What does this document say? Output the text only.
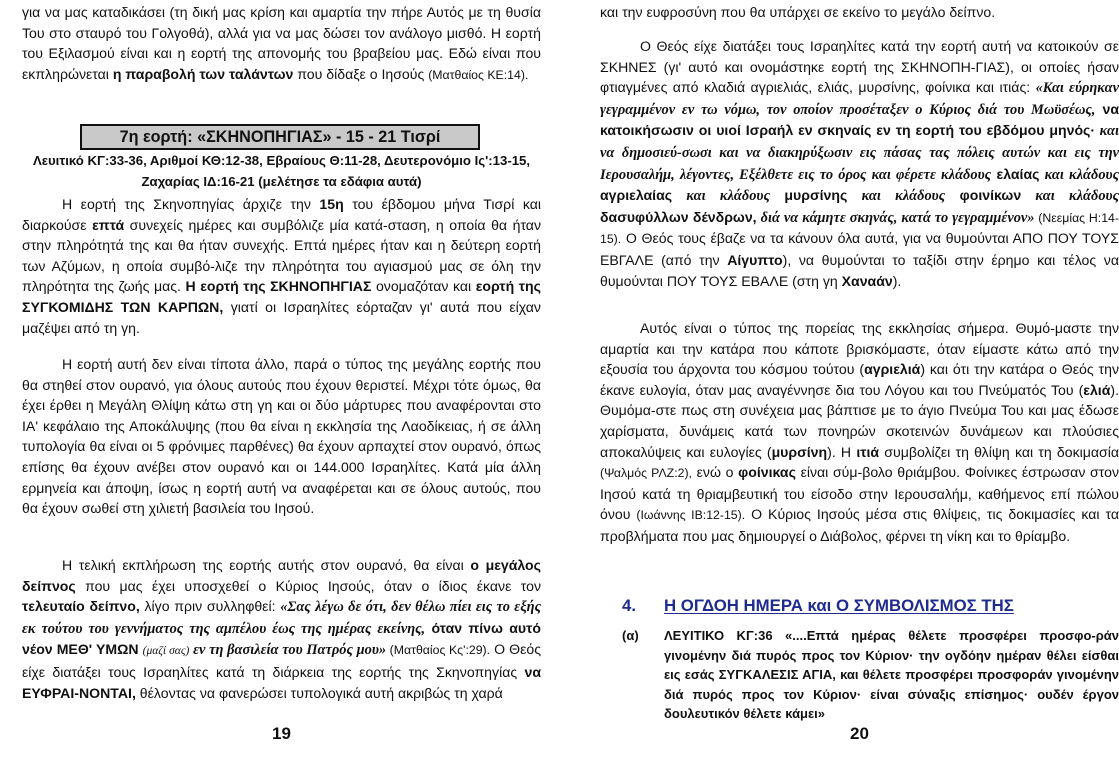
για να μας καταδικάσει (τη δική μας κρίση και αμαρτία την πήρε Αυτός με τη θυσία Του στο σταυρό του Γολγοθά), αλλά για να μας δώσει τον ανάλογο μισθό. Η εορτή του Εξιλασμού είναι και η εορτή της απονομής του βραβείου μας. Εδώ είναι που εκπληρώνεται η παραβολή των ταλάντων που δίδαξε ο Ιησούς (Ματθαίος ΚΕ:14).
7η εορτή: «ΣΚΗΝΟΠΗΓΙΑΣ» - 15 - 21 Τισρί
Λευιτικό ΚΓ:33-36, Αριθμοί ΚΘ:12-38, Εβραίους Θ:11-28, Δευτερονόμιο Ις':13-15, Ζαχαρίας ΙΔ:16-21 (μελέτησε τα εδάφια αυτά)
Η εορτή της Σκηνοπηγίας άρχιζε την 15η του έβδομου μήνα Τισρί και διαρκούσε επτά συνεχείς ημέρες και συμβόλιζε μία κατά-σταση, η οποία θα ήταν στην πληρότητά της και θα ήταν συνεχής. Επτά ημέρες ήταν και η δεύτερη εορτή των Αζύμων, η οποία συμβό-λιζε την πληρότητα του αγιασμού μας σε όλη την πληρότητα της ζωής μας. Η εορτή της ΣΚΗΝΟΠΗΓΙΑΣ ονομαζόταν και εορτή της ΣΥΓΚΟΜΙΔΗΣ ΤΩΝ ΚΑΡΠΩΝ, γιατί οι Ισραηλίτες εόρταζαν γι' αυτά που είχαν μαζέψει από τη γη.
Η εορτή αυτή δεν είναι τίποτα άλλο, παρά ο τύπος της μεγάλης εορτής που θα στηθεί στον ουρανό, για όλους αυτούς που έχουν θεριστεί. Μέχρι τότε όμως, θα έχει έρθει η Μεγάλη Θλίψη κάτω στη γη και οι δύο μάρτυρες που αναφέρονται στο ΙΑ' κεφάλαιο της Αποκάλυψης (που θα είναι η εκκλησία της Λαοδίκειας, ή σε άλλη τυπολογία θα είναι οι 5 φρόνιμες παρθένες) θα έχουν αρπαχτεί στον ουρανό, όπως επίσης θα έχουν ανέβει στον ουρανό και οι 144.000 Ισραηλίτες. Κατά μία άλλη ερμηνεία και άποψη, ίσως η εορτή αυτή να αναφέρεται και σε όλους αυτούς, που θα έχουν σωθεί στη χιλιετή βασιλεία του Ιησού.
Η τελική εκπλήρωση της εορτής αυτής στον ουρανό, θα είναι ο μεγάλος δείπνος που μας έχει υποσχεθεί ο Κύριος Ιησούς, όταν ο ίδιος έκανε τον τελευταίο δείπνο, λίγο πριν συλληφθεί: «Σας λέγω δε ότι, δεν θέλω πίει εις το εξής εκ τούτου του γεννήματος της αμπέλου έως της ημέρας εκείνης, όταν πίνω αυτό νέον ΜΕΘ' ΥΜΩΝ (μαζί σας) εν τη βασιλεία του Πατρός μου» (Ματθαίος Κς':29). Ο Θεός είχε διατάξει τους Ισραηλίτες κατά τη διάρκεια της εορτής της Σκηνοπηγίας να ΕΥΦΡΑΙ-ΝΟΝΤΑΙ, θέλοντας να φανερώσει τυπολογικά αυτή ακριβώς τη χαρά
19
και την ευφροσύνη που θα υπάρχει σε εκείνο το μεγάλο δείπνο.
Ο Θεός είχε διατάξει τους Ισραηλίτες κατά την εορτή αυτή να κατοικούν σε ΣΚΗΝΕΣ (γι' αυτό και ονομάστηκε εορτή της ΣΚΗΝΟΠΗ-ΓΙΑΣ), οι οποίες ήσαν φτιαγμένες από κλαδιά αγριελιάς, ελιάς, μυρσίνης, φοίνικα και ιτιάς: «Και εύρηκαν γεγραμμένον εν τω νόμω, τον οποίον προσέταξεν ο Κύριος διά του Μωϋσέως, να κατοικήσωσιν οι υιοί Ισραήλ εν σκηναίς εν τη εορτή του εβδόμου μηνός· και να δημοσιεύ-σωσι και να διακηρύξωσιν εις πάσας τας πόλεις αυτών και εις την Ιερουσαλήμ, λέγοντες, Εξέλθετε εις το όρος και φέρετε κλάδους ελαίας και κλάδους αγριελαίας και κλάδους μυρσίνης και κλάδους φοινίκων και κλάδους δασυφύλλων δένδρων, διά να κάμητε σκηνάς, κατά το γεγραμμένον» (Νεεμίας Η:14-15). Ο Θεός τους έβαζε να τα κάνουν όλα αυτά, για να θυμούνται ΑΠΟ ΠΟΥ ΤΟΥΣ ΕΒΓΑΛΕ (από την Αίγυπτο), να θυμούνται το ταξίδι στην έρημο και τέλος να θυμούνται ΠΟΥ ΤΟΥΣ ΕΒΑΛΕ (στη γη Χαναάν).
Αυτός είναι ο τύπος της πορείας της εκκλησίας σήμερα. Θυμό-μαστε την αμαρτία και την κατάρα που κάποτε βρισκόμαστε, όταν είμαστε κάτω από την εξουσία του άρχοντα του κόσμου τούτου (αγριελιά) και ότι την κατάρα ο Θεός την έκανε ευλογία, όταν μας αναγέννησε δια του Λόγου και του Πνεύματός Του (ελιά). Θυμόμα-στε πως στη συνέχεια μας βάπτισε με το άγιο Πνεύμα Του και μας έδωσε χαρίσματα, δυνάμεις κατά των πονηρών σκοτεινών δυνάμεων και πλούσιες αποκαλύψεις και ευλογίες (μυρσίνη). Η ιτιά συμβολίζει τη θλίψη και τη δοκιμασία (Ψαλμός ΡΛΖ:2), ενώ ο φοίνικας είναι σύμ-βολο θριάμβου. Φοίνικες έστρωσαν στον Ιησού κατά τη θριαμβευτική του είσοδο στην Ιερουσαλήμ, καθήμενος επί πώλου όνου (Ιωάννης ΙΒ:12-15). Ο Κύριος Ιησούς μέσα στις θλίψεις, τις δοκιμασίες και τα προβλήματα που μας δημιουργεί ο Διάβολος, φέρνει τη νίκη και το θρίαμβο.
4. Η ΟΓΔΟΗ ΗΜΕΡΑ και Ο ΣΥΜΒΟΛΙΣΜΟΣ ΤΗΣ
(α) ΛΕΥΙΤΙΚΟ ΚΓ:36 «....Επτά ημέρας θέλετε προσφέρει προσφο-ράν γινομένην διά πυρός προς τον Κύριον· την ογδόην ημέραν θέλει είσθαι εις εσάς ΣΥΓΚΑΛΕΣΙΣ ΑΓΙΑ, και θέλετε προσφέρει προσφοράν γινομένην διά πυρός προς τον Κύριον· είναι σύναξις επίσημος· ουδέν έργον δουλευτικόν θέλετε κάμει»
20
